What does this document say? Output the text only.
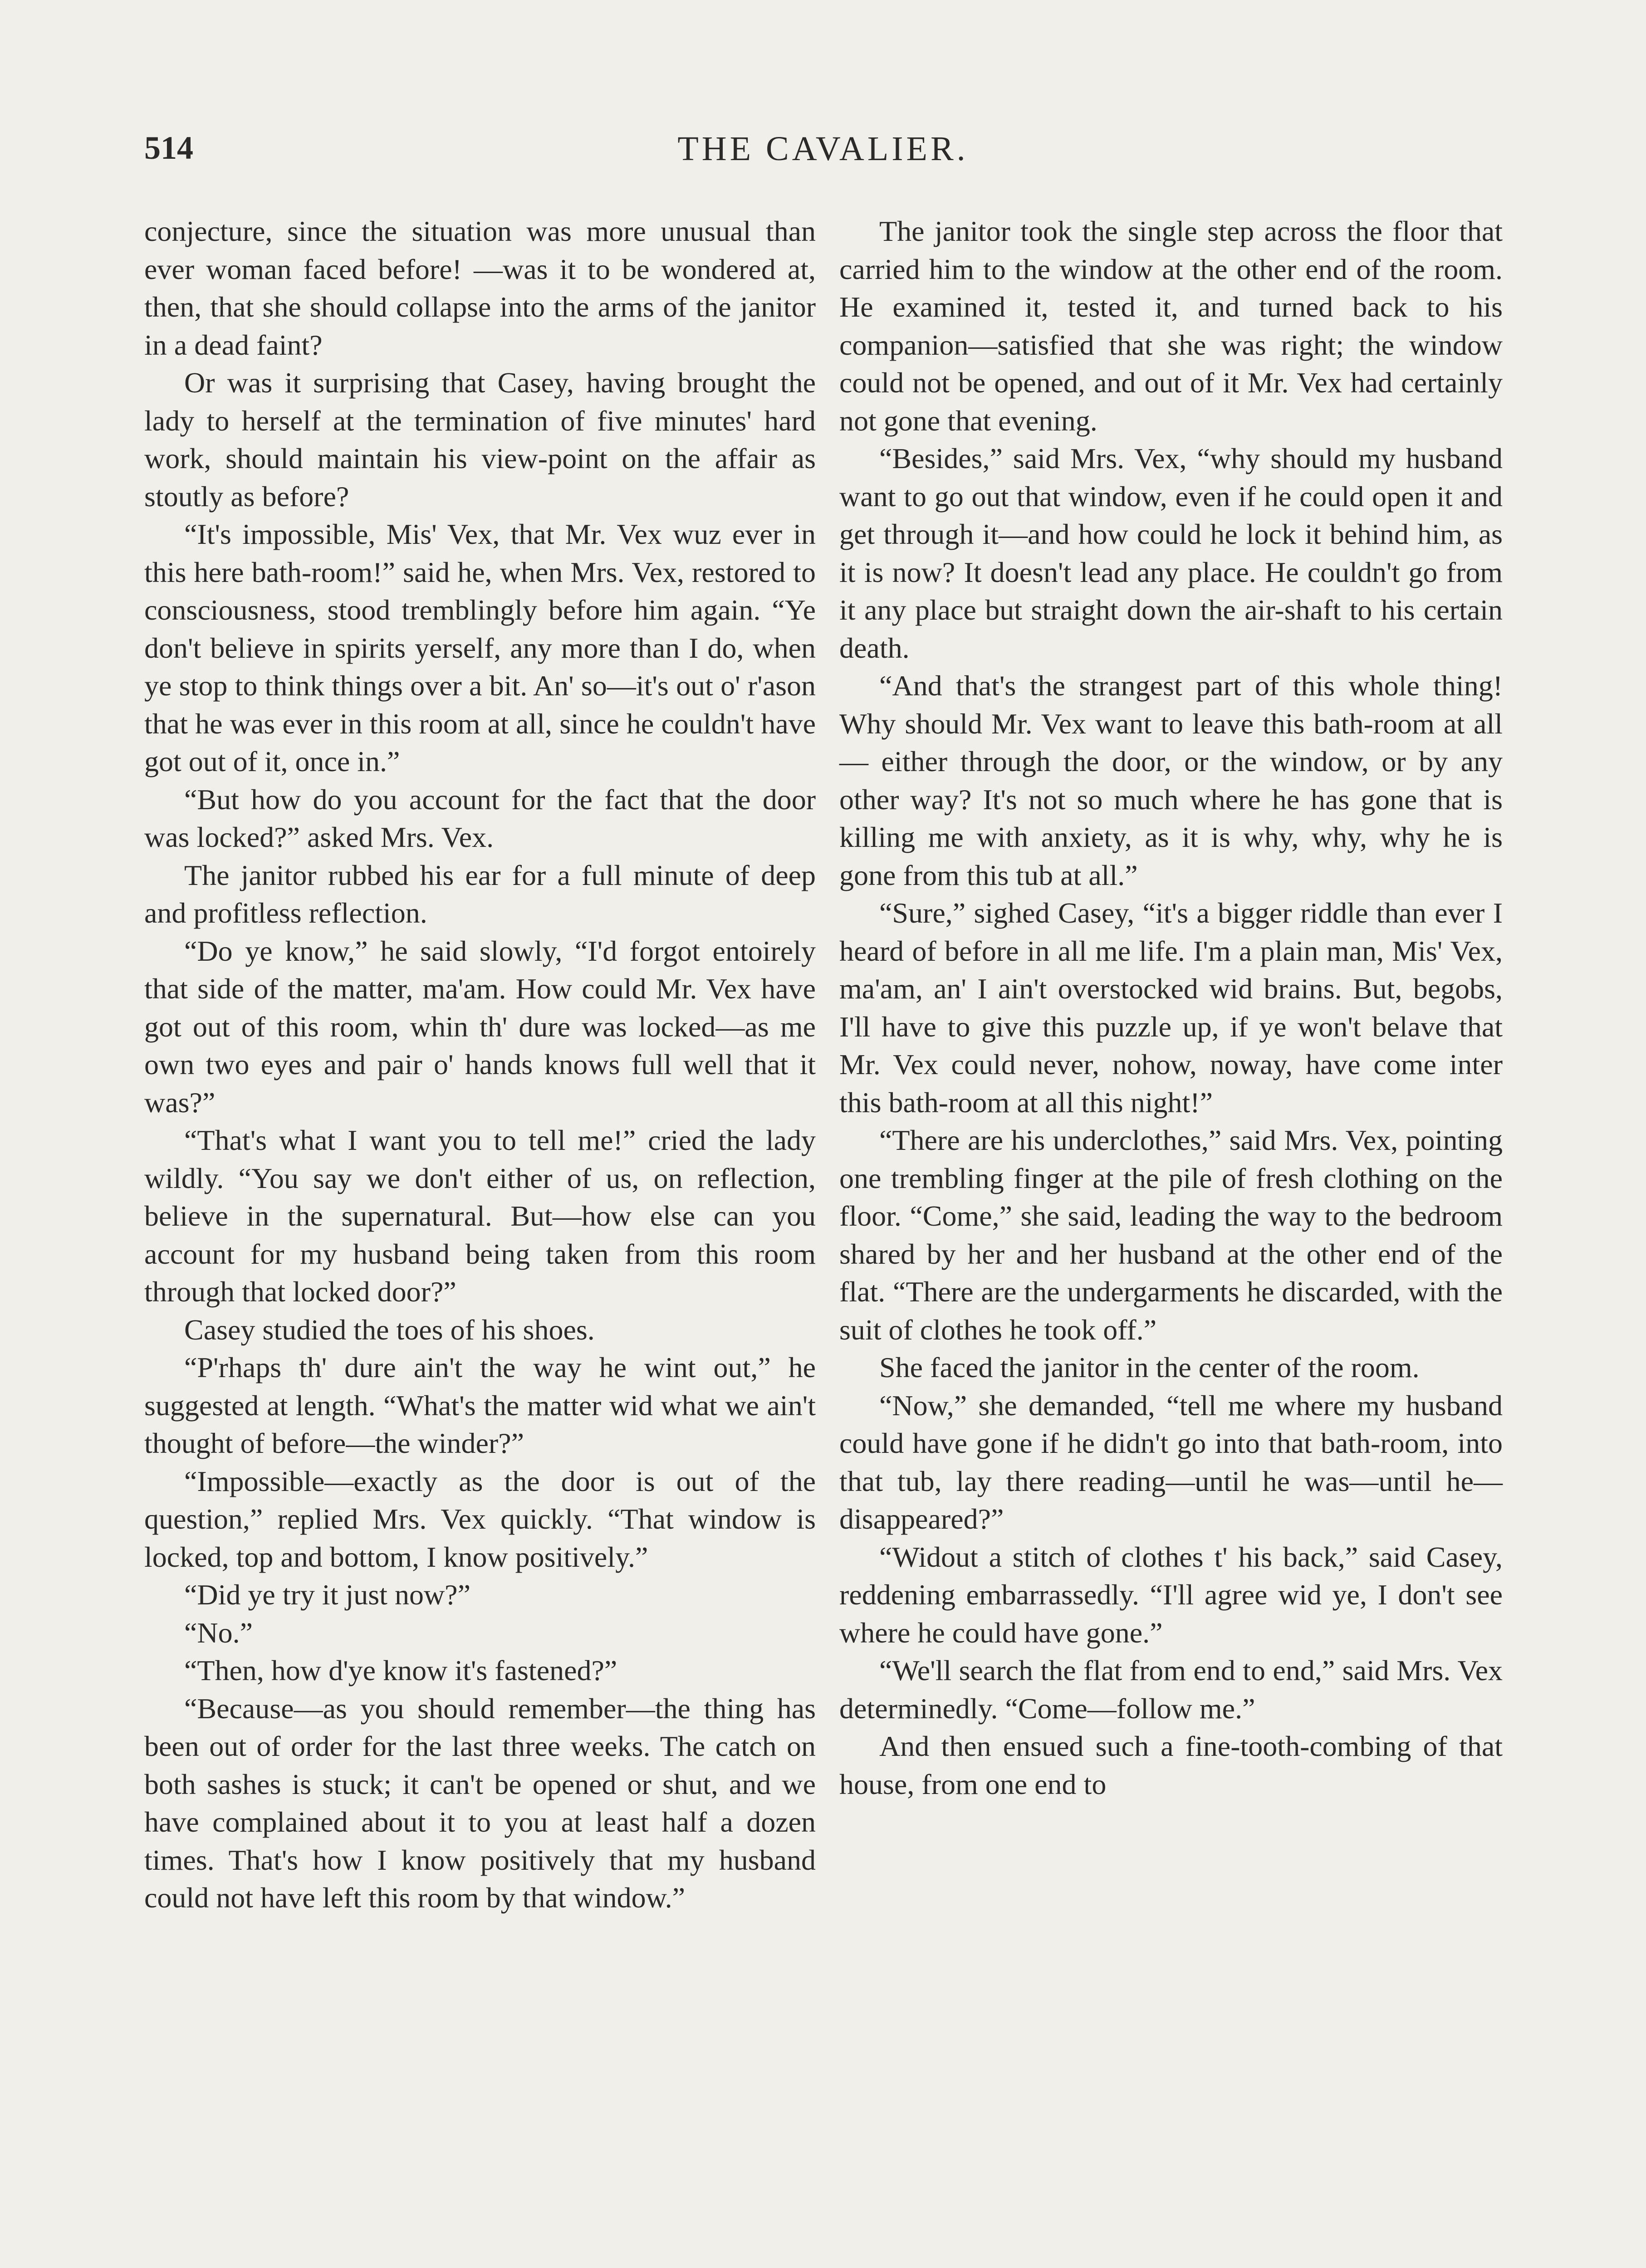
514	THE CAVALIER.

conjecture, since the situation was more unusual than ever woman faced before! —was it to be wondered at, then, that she should collapse into the arms of the janitor in a dead faint?

Or was it surprising that Casey, having brought the lady to herself at the termination of five minutes' hard work, should maintain his view-point on the affair as stoutly as before?

“It's impossible, Mis' Vex, that Mr. Vex wuz ever in this here bath-room!” said he, when Mrs. Vex, restored to consciousness, stood tremblingly before him again. “Ye don't believe in spirits yerself, any more than I do, when ye stop to think things over a bit. An' so—it's out o' r'ason that he was ever in this room at all, since he couldn't have got out of it, once in.”

“But how do you account for the fact that the door was locked?” asked Mrs. Vex.

The janitor rubbed his ear for a full minute of deep and profitless reflection.

“Do ye know,” he said slowly, “I'd forgot entoirely that side of the matter, ma'am. How could Mr. Vex have got out of this room, whin th' dure was locked—as me own two eyes and pair o' hands knows full well that it was?”

“That's what I want you to tell me!” cried the lady wildly. “You say we don't either of us, on reflection, believe in the supernatural. But—how else can you account for my husband being taken from this room through that locked door?”

Casey studied the toes of his shoes.

“P'rhaps th' dure ain't the way he wint out,” he suggested at length. “What's the matter wid what we ain't thought of before—the winder?”

“Impossible—exactly as the door is out of the question,” replied Mrs. Vex quickly. “That window is locked, top and bottom, I know positively.”

“Did ye try it just now?”

“No.”

“Then, how d'ye know it's fastened?”

“Because—as you should remember—the thing has been out of order for the last three weeks. The catch on both sashes is stuck; it can't be opened or shut, and we have complained about it to you at least half a dozen times. That's how I know positively that my husband could not have left this room by that window.”

The janitor took the single step across the floor that carried him to the window at the other end of the room. He examined it, tested it, and turned back to his companion—satisfied that she was right; the window could not be opened, and out of it Mr. Vex had certainly not gone that evening.

“Besides,” said Mrs. Vex, “why should my husband want to go out that window, even if he could open it and get through it—and how could he lock it behind him, as it is now? It doesn't lead any place. He couldn't go from it any place but straight down the air-shaft to his certain death.

“And that's the strangest part of this whole thing! Why should Mr. Vex want to leave this bath-room at all — either through the door, or the window, or by any other way? It's not so much where he has gone that is killing me with anxiety, as it is why, why, why he is gone from this tub at all.”

“Sure,” sighed Casey, “it's a bigger riddle than ever I heard of before in all me life. I'm a plain man, Mis' Vex, ma'am, an' I ain't overstocked wid brains. But, begobs, I'll have to give this puzzle up, if ye won't belave that Mr. Vex could never, nohow, noway, have come inter this bath-room at all this night!”

“There are his underclothes,” said Mrs. Vex, pointing one trembling finger at the pile of fresh clothing on the floor. “Come,” she said, leading the way to the bedroom shared by her and her husband at the other end of the flat. “There are the undergarments he discarded, with the suit of clothes he took off.”

She faced the janitor in the center of the room.

“Now,” she demanded, “tell me where my husband could have gone if he didn't go into that bath-room, into that tub, lay there reading—until he was—until he—disappeared?”

“Widout a stitch of clothes t' his back,” said Casey, reddening embarrassedly. “I'll agree wid ye, I don't see where he could have gone.”

“We'll search the flat from end to end,” said Mrs. Vex determinedly. “Come—follow me.”

And then ensued such a fine-tooth-combing of that house, from one end to
